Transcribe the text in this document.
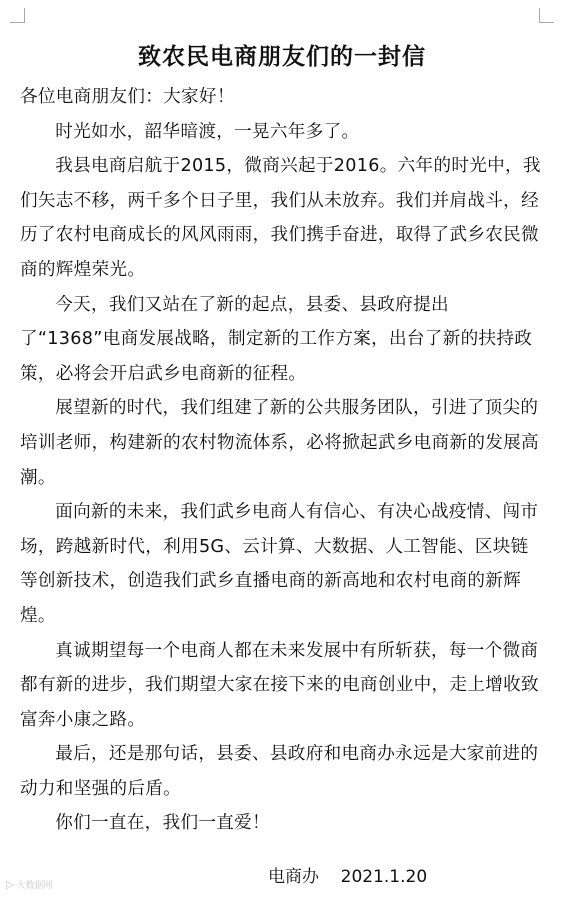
致农民电商朋友们的一封信

各位电商朋友们：大家好！

时光如水，韶华暗渡，一晃六年多了。

我县电商启航于2015，微商兴起于2016。六年的时光中，我们矢志不移，两千多个日子里，我们从未放弃。我们并肩战斗，经历了农村电商成长的风风雨雨，我们携手奋进，取得了武乡农民微商的辉煌荣光。

今天，我们又站在了新的起点，县委、县政府提出了“1368”电商发展战略，制定新的工作方案，出台了新的扶持政策，必将会开启武乡电商新的征程。

展望新的时代，我们组建了新的公共服务团队，引进了顶尖的培训老师，构建新的农村物流体系，必将掀起武乡电商新的发展高潮。

面向新的未来，我们武乡电商人有信心、有决心战疫情、闯市场，跨越新时代，利用5G、云计算、大数据、人工智能、区块链等创新技术，创造我们武乡直播电商的新高地和农村电商的新辉煌。

真诚期望每一个电商人都在未来发展中有所斩获，每一个微商都有新的进步，我们期望大家在接下来的电商创业中，走上增收致富奔小康之路。

最后，还是那句话，县委、县政府和电商办永远是大家前进的动力和坚强的后盾。

你们一直在，我们一直爱！

电商办 2021.1.20
▷ 大数据网
